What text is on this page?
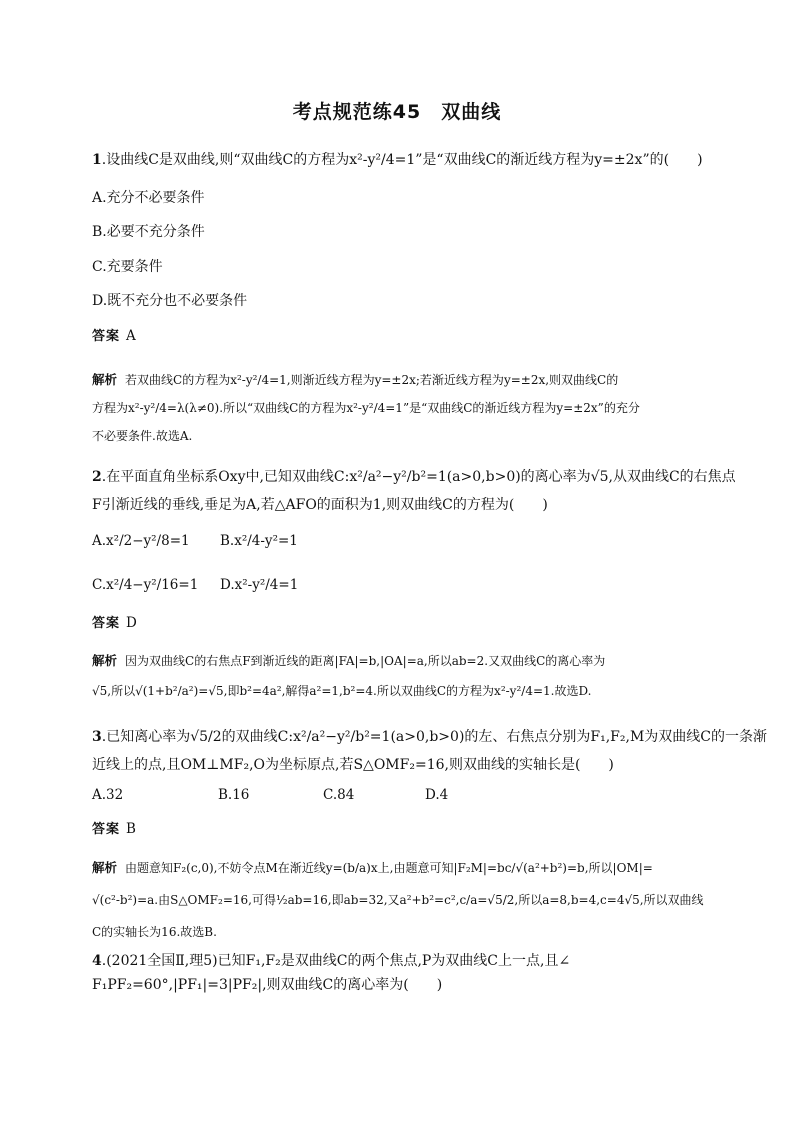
考点规范练45　双曲线
1.设曲线C是双曲线,则“双曲线C的方程为x²-y²/4=1”是“双曲线C的渐近线方程为y=±2x”的(　　)
A.充分不必要条件
B.必要不充分条件
C.充要条件
D.既不充分也不必要条件
答案 A
解析 若双曲线C的方程为x²-y²/4=1,则渐近线方程为y=±2x;若渐近线方程为y=±2x,则双曲线C的
方程为x²-y²/4=λ(λ≠0).所以“双曲线C的方程为x²-y²/4=1”是“双曲线C的渐近线方程为y=±2x”的充分
不必要条件.故选A.
2.在平面直角坐标系Oxy中,已知双曲线C:x²/a²−y²/b²=1(a>0,b>0)的离心率为√5,从双曲线C的右焦点
F引渐近线的垂线,垂足为A,若△AFO的面积为1,则双曲线C的方程为(　　)
A.x²/2−y²/8=1 B.x²/4-y²=1
C.x²/4−y²/16=1 D.x²-y²/4=1
答案 D
解析 因为双曲线C的右焦点F到渐近线的距离|FA|=b,|OA|=a,所以ab=2.又双曲线C的离心率为
√5,所以√(1+b²/a²)=√5,即b²=4a²,解得a²=1,b²=4.所以双曲线C的方程为x²-y²/4=1.故选D.
3.已知离心率为√5/2的双曲线C:x²/a²−y²/b²=1(a>0,b>0)的左、右焦点分别为F₁,F₂,M为双曲线C的一条渐
近线上的点,且OM⊥MF₂,O为坐标原点,若S△OMF₂=16,则双曲线的实轴长是(　　)
A.32	B.16	C.84	D.4
答案 B
解析 由题意知F₂(c,0),不妨令点M在渐近线y=(b/a)x上,由题意可知|F₂M|=bc/√(a²+b²)=b,所以|OM|=
√(c²-b²)=a.由S△OMF₂=16,可得½ab=16,即ab=32,又a²+b²=c²,c/a=√5/2,所以a=8,b=4,c=4√5,所以双曲线
C的实轴长为16.故选B.
4.(2021全国Ⅱ,理5)已知F₁,F₂是双曲线C的两个焦点,P为双曲线C上一点,且∠
F₁PF₂=60°,|PF₁|=3|PF₂|,则双曲线C的离心率为(　　)
